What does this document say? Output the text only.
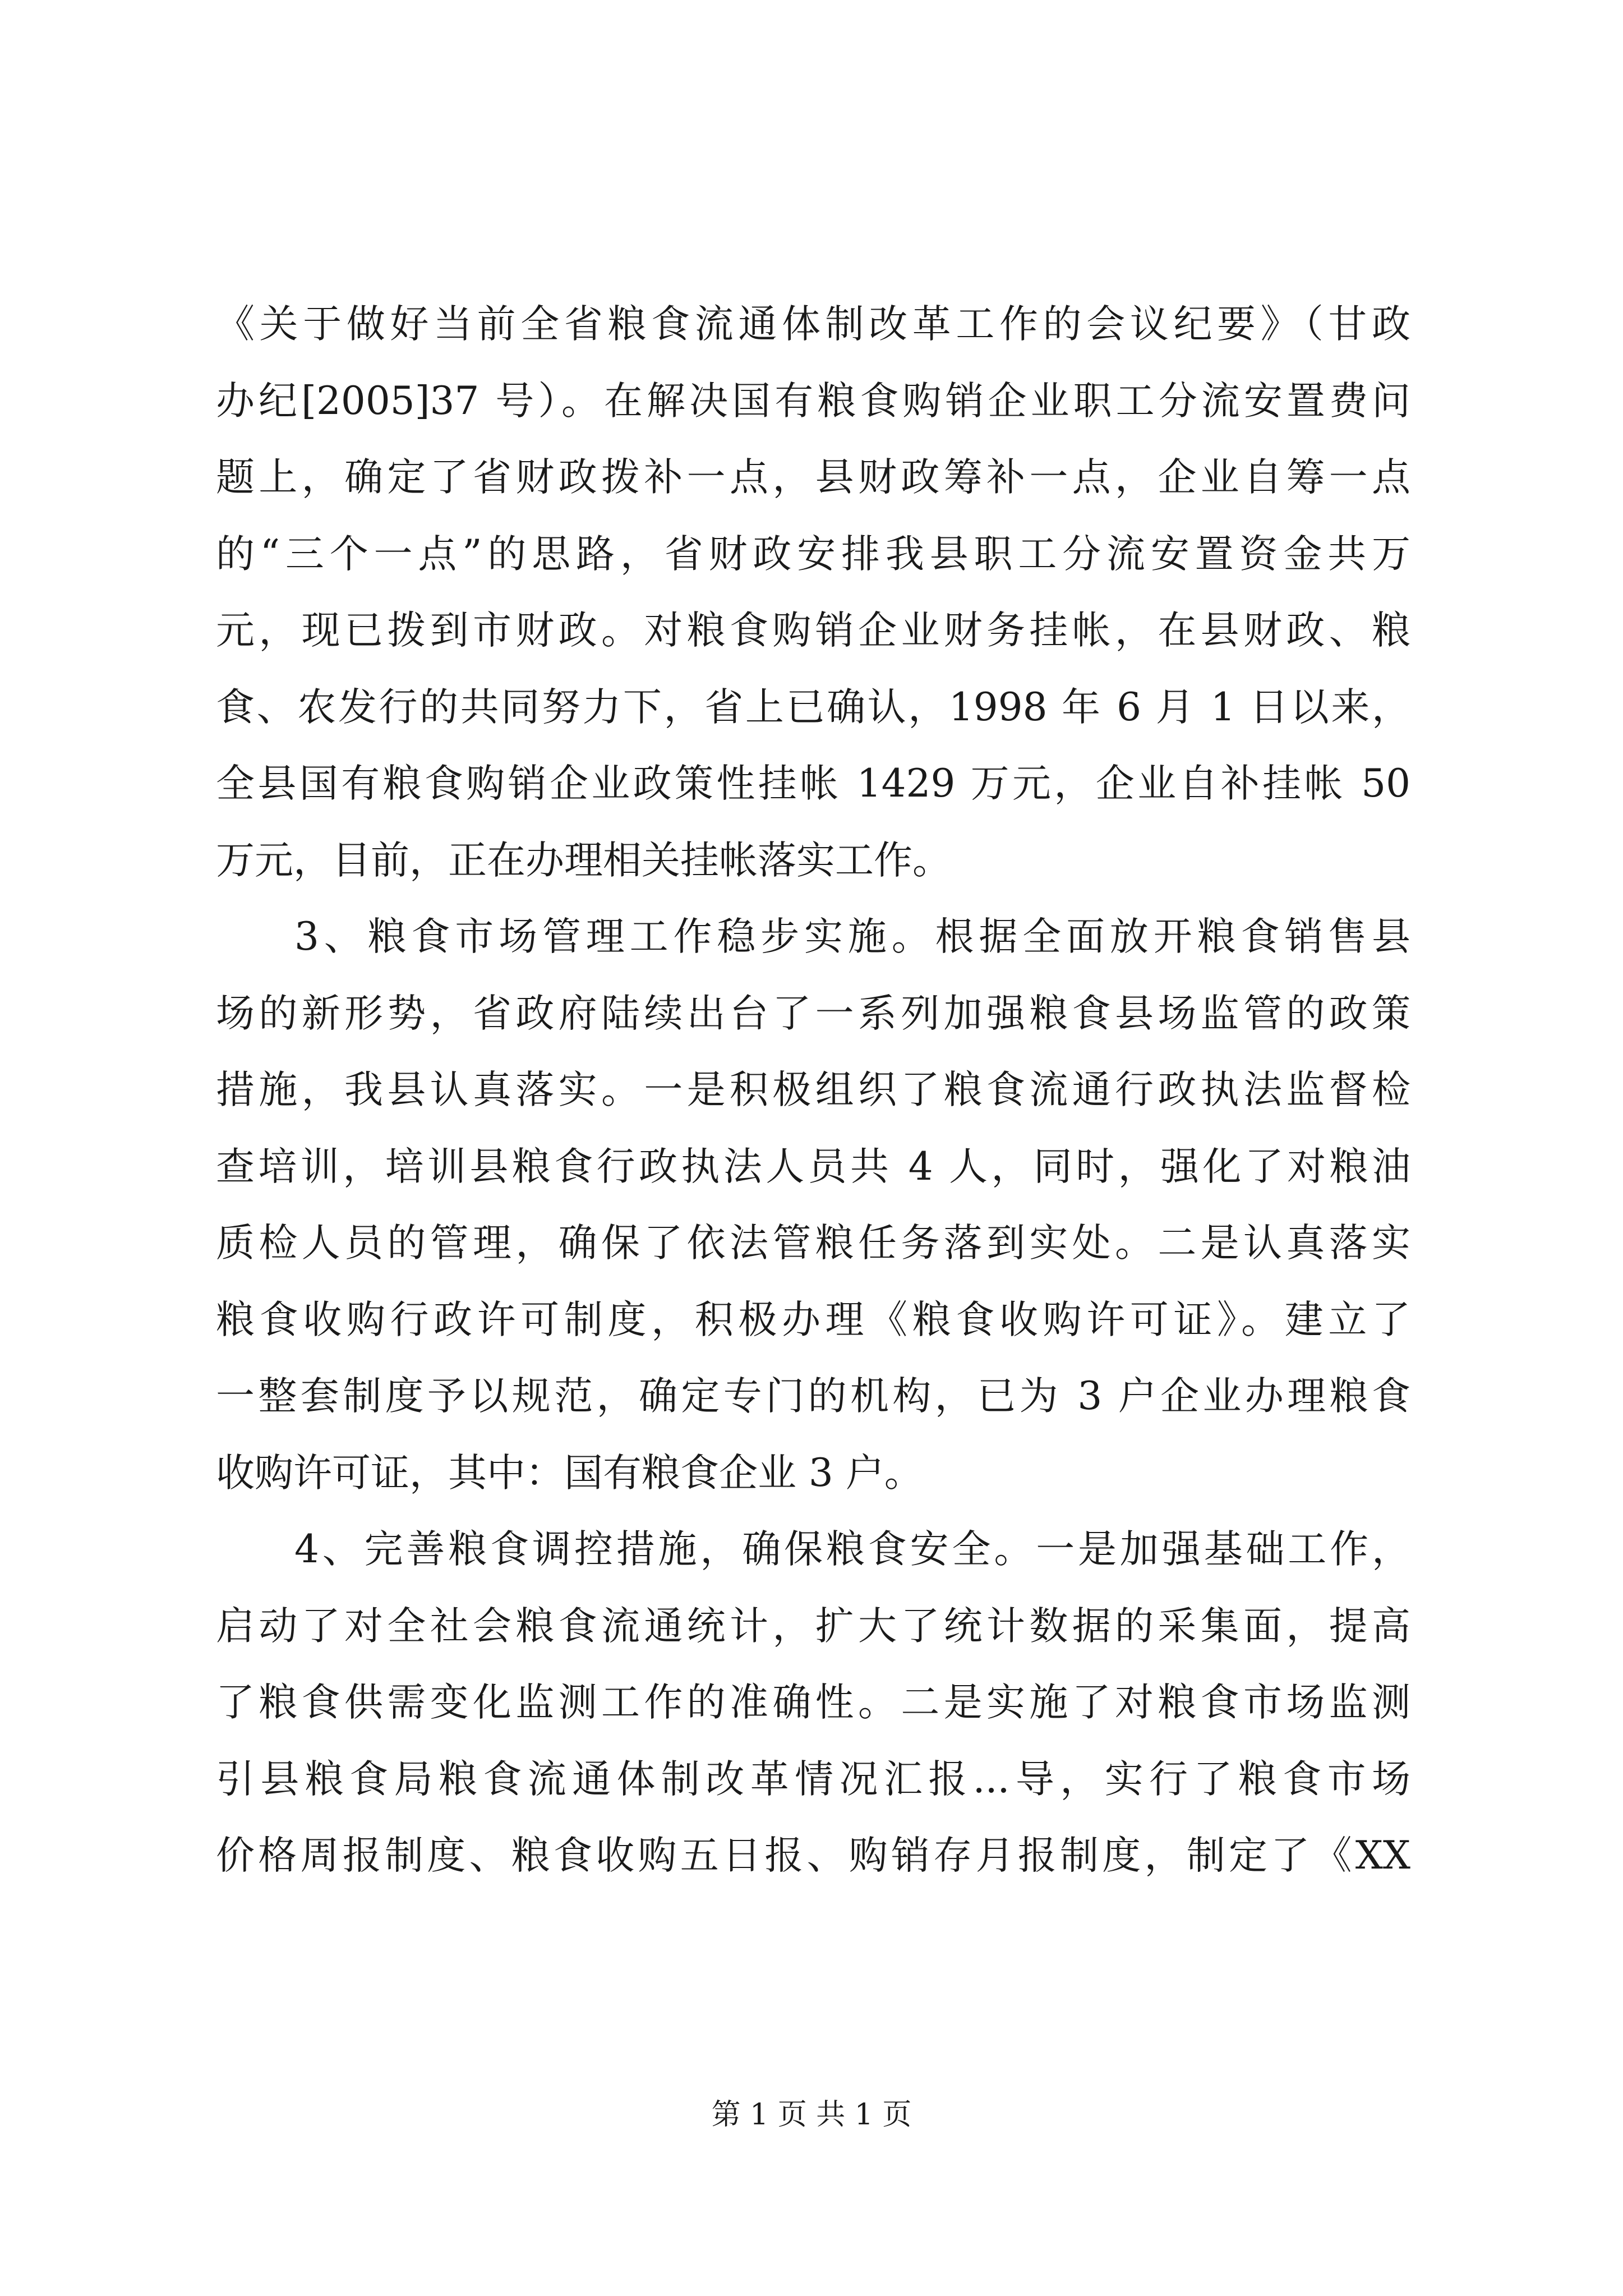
《关于做好当前全省粮食流通体制改革工作的会议纪要》（甘政
办纪[2005]37 号）。在解决国有粮食购销企业职工分流安置费问
题上，确定了省财政拨补一点，县财政筹补一点，企业自筹一点
的“三个一点”的思路，省财政安排我县职工分流安置资金共万
元，现已拨到市财政。对粮食购销企业财务挂帐，在县财政、粮
食、农发行的共同努力下，省上已确认，1998 年 6 月 1 日以来，
全县国有粮食购销企业政策性挂帐 1429 万元，企业自补挂帐 50
万元，目前，正在办理相关挂帐落实工作。
3、粮食市场管理工作稳步实施。根据全面放开粮食销售县
场的新形势，省政府陆续出台了一系列加强粮食县场监管的政策
措施，我县认真落实。一是积极组织了粮食流通行政执法监督检
查培训，培训县粮食行政执法人员共 4 人，同时，强化了对粮油
质检人员的管理，确保了依法管粮任务落到实处。二是认真落实
粮食收购行政许可制度，积极办理《粮食收购许可证》。建立了
一整套制度予以规范，确定专门的机构，已为 3 户企业办理粮食
收购许可证，其中：国有粮食企业 3 户。
4、完善粮食调控措施，确保粮食安全。一是加强基础工作，
启动了对全社会粮食流通统计，扩大了统计数据的采集面，提高
了粮食供需变化监测工作的准确性。二是实施了对粮食市场监测
引县粮食局粮食流通体制改革情况汇报...导，实行了粮食市场
价格周报制度、粮食收购五日报、购销存月报制度，制定了《XX
第 1 页 共 1 页
